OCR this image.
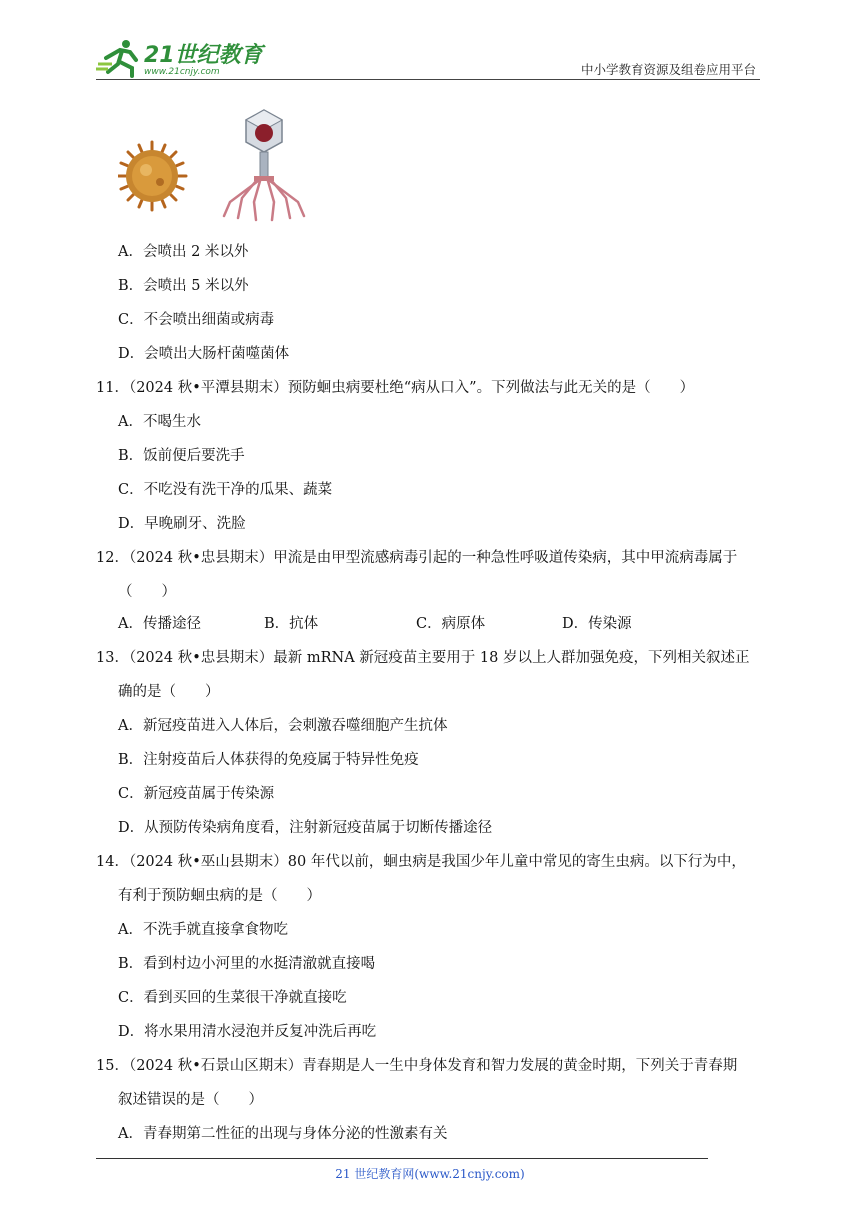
21世纪教育
www.21cnjy.com	中小学教育资源及组卷应用平台
A．会喷出 2 米以外
B．会喷出 5 米以外
C．不会喷出细菌或病毒
D．会喷出大肠杆菌噬菌体
11．（2024 秋•平潭县期末）预防蛔虫病要杜绝“病从口入”。下列做法与此无关的是（　　）
A．不喝生水
B．饭前便后要洗手
C．不吃没有洗干净的瓜果、蔬菜
D．早晚刷牙、洗脸
12．（2024 秋•忠县期末）甲流是由甲型流感病毒引起的一种急性呼吸道传染病，其中甲流病毒属于
（　　）
A．传播途径	B．抗体	C．病原体	D．传染源
13．（2024 秋•忠县期末）最新 mRNA 新冠疫苗主要用于 18 岁以上人群加强免疫，下列相关叙述正
确的是（　　）
A．新冠疫苗进入人体后，会刺激吞噬细胞产生抗体
B．注射疫苗后人体获得的免疫属于特异性免疫
C．新冠疫苗属于传染源
D．从预防传染病角度看，注射新冠疫苗属于切断传播途径
14．（2024 秋•巫山县期末）80 年代以前，蛔虫病是我国少年儿童中常见的寄生虫病。以下行为中，
有利于预防蛔虫病的是（　　）
A．不洗手就直接拿食物吃
B．看到村边小河里的水挺清澈就直接喝
C．看到买回的生菜很干净就直接吃
D．将水果用清水浸泡并反复冲洗后再吃
15．（2024 秋•石景山区期末）青春期是人一生中身体发育和智力发展的黄金时期，下列关于青春期
叙述错误的是（　　）
A．青春期第二性征的出现与身体分泌的性激素有关
21 世纪教育网(www.21cnjy.com)
